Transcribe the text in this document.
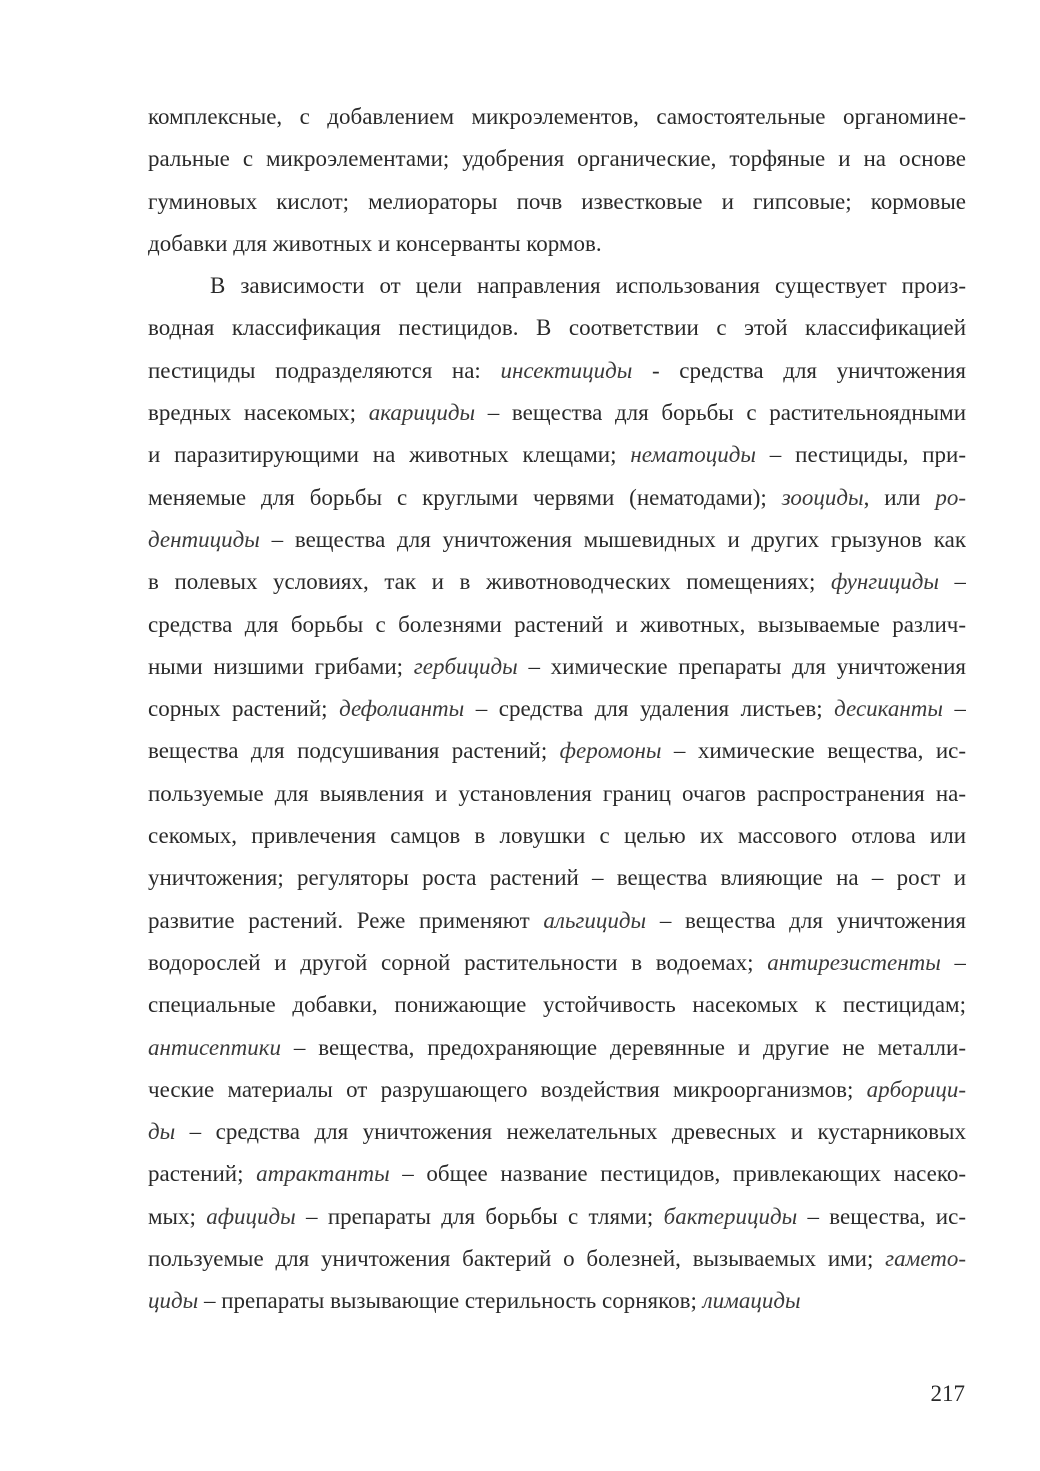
комплексные, с добавлением микроэлементов, самостоятельные органомине-
ральные с микроэлементами; удобрения органические, торфяные и на основе
гуминовых кислот; мелиораторы почв известковые и гипсовые; кормовые
добавки для животных и консерванты кормов.
В зависимости от цели направления использования существует произ-
водная классификация пестицидов. В соответствии с этой классификацией
пестициды подразделяются на: инсектициды - средства для уничтожения
вредных насекомых; акарициды – вещества для борьбы с растительноядными
и паразитирующими на животных клещами; нематоциды – пестициды, при-
меняемые для борьбы с круглыми червями (нематодами); зооциды, или ро-
дентициды – вещества для уничтожения мышевидных и других грызунов как
в полевых условиях, так и в животноводческих помещениях; фунгициды –
средства для борьбы с болезнями растений и животных, вызываемые различ-
ными низшими грибами; гербициды – химические препараты для уничтожения
сорных растений; дефолианты – средства для удаления листьев; десиканты –
вещества для подсушивания растений; феромоны – химические вещества, ис-
пользуемые для выявления и установления границ очагов распространения на-
секомых, привлечения самцов в ловушки с целью их массового отлова или
уничтожения; регуляторы роста растений – вещества влияющие на – рост и
развитие растений. Реже применяют альгициды – вещества для уничтожения
водорослей и другой сорной растительности в водоемах; антирезистенты –
специальные добавки, понижающие устойчивость насекомых к пестицидам;
антисептики – вещества, предохраняющие деревянные и другие не металли-
ческие материалы от разрушающего воздействия микроорганизмов; арборици-
ды – средства для уничтожения нежелательных древесных и кустарниковых
растений; атрактанты – общее название пестицидов, привлекающих насеко-
мых; афициды – препараты для борьбы с тлями; бактерициды – вещества, ис-
пользуемые для уничтожения бактерий о болезней, вызываемых ими; гамето-
циды – препараты вызывающие стерильность сорняков; лимациды
217
